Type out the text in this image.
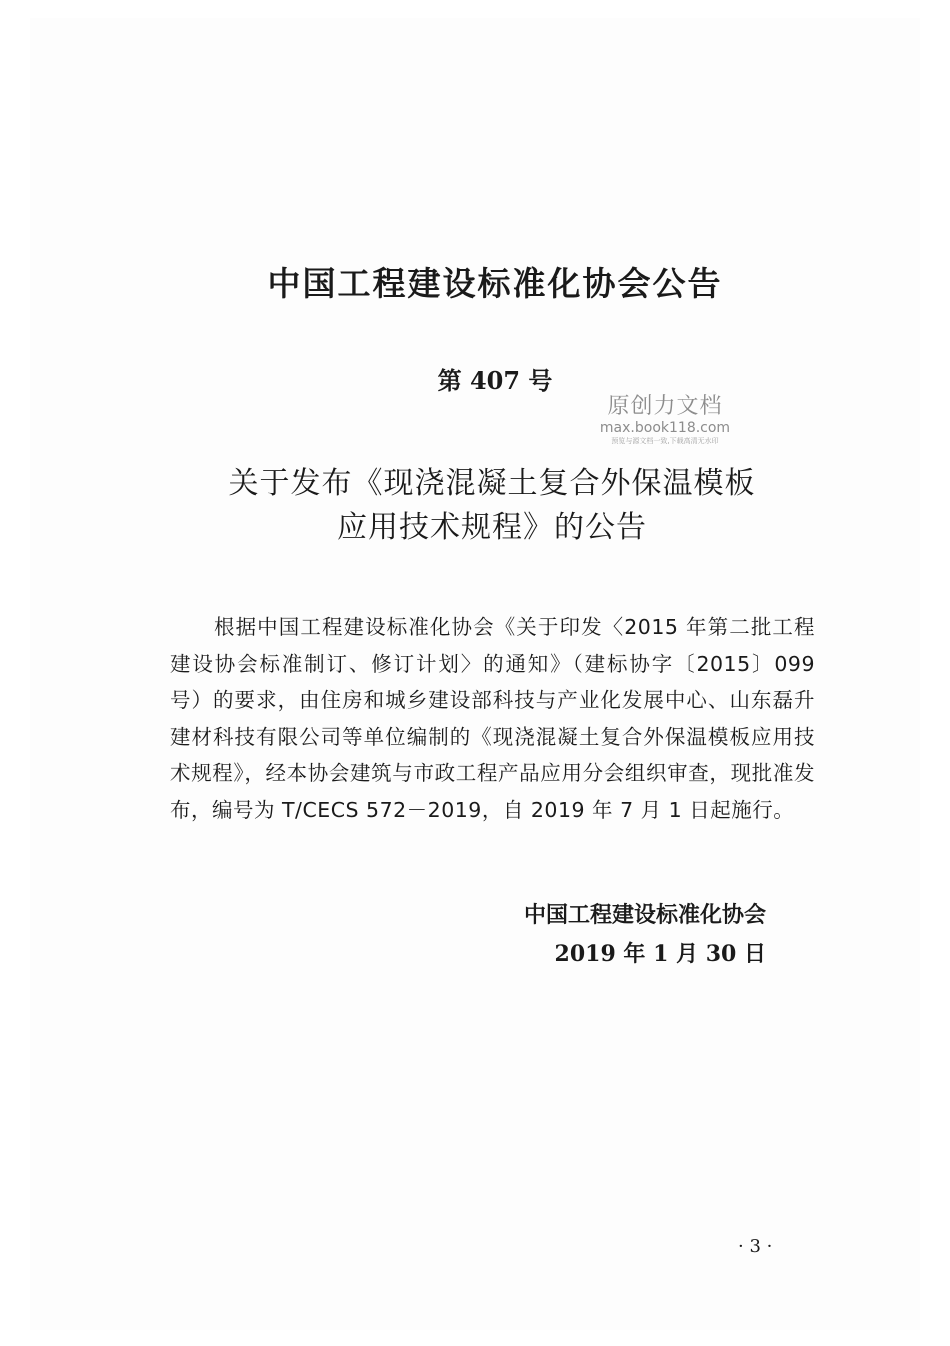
中国工程建设标准化协会公告
第 407 号
原创力文档
max.book118.com
预览与源文档一致,下载高清无水印
关于发布《现浇混凝土复合外保温模板
应用技术规程》的公告

根据中国工程建设标准化协会《关于印发〈2015 年第二批工程建设协会标准制订、修订计划〉的通知》（建标协字〔2015〕099 号）的要求，由住房和城乡建设部科技与产业化发展中心、山东磊升建材科技有限公司等单位编制的《现浇混凝土复合外保温模板应用技术规程》，经本协会建筑与市政工程产品应用分会组织审查，现批准发布，编号为 T/CECS 572－2019，自 2019 年 7 月 1 日起施行。

中国工程建设标准化协会
2019 年 1 月 30 日
· 3 ·
